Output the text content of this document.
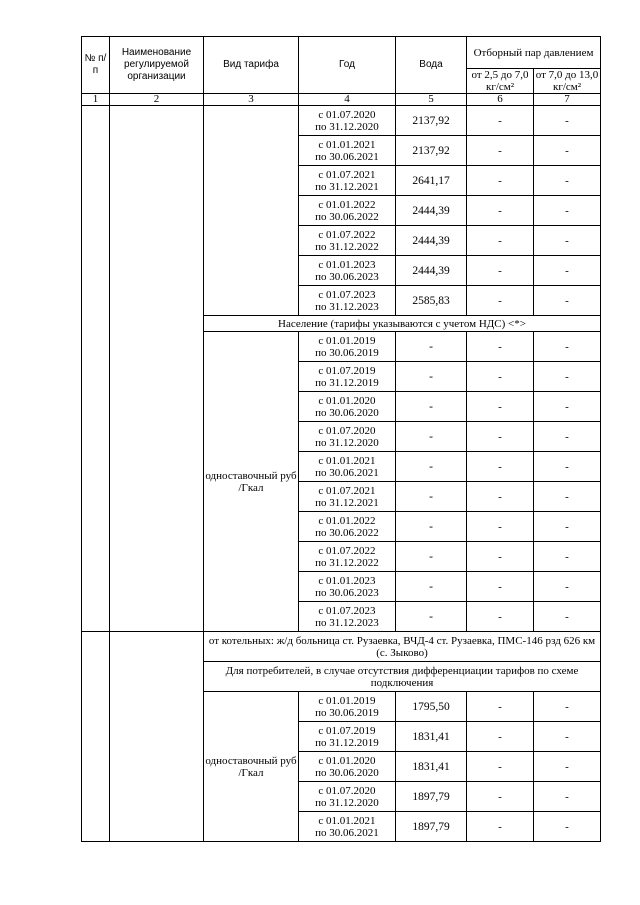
№ п/п	Наименование регулируемой организации	Вид тарифа	Год	Вода	Отборный пар давлением	
					от 2,5 до 7,0 кг/см²	от 7,0 до 13,0 кг/см²
1	2	3	4	5	6	7

			с 01.07.2020
по 31.12.2020	2137,92	-	-

			с 01.01.2021
по 30.06.2021	2137,92	-	-

			с 01.07.2021
по 31.12.2021	2641,17	-	-

			с 01.01.2022
по 30.06.2022	2444,39	-	-

			с 01.07.2022
по 31.12.2022	2444,39	-	-

			с 01.01.2023
по 30.06.2023	2444,39	-	-

			с 01.07.2023
по 31.12.2023	2585,83	-	-
		Население (тарифы указываются с учетом НДС) <*>				
		одноставочный руб /Гкал	с 01.01.2019
по 30.06.2019	-	-	-

			с 01.07.2019
по 31.12.2019	-	-	-

			с 01.01.2020
по 30.06.2020	-	-	-

			с 01.07.2020
по 31.12.2020	-	-	-

			с 01.01.2021
по 30.06.2021	-	-	-

			с 01.07.2021
по 31.12.2021	-	-	-

			с 01.01.2022
по 30.06.2022	-	-	-

			с 01.07.2022
по 31.12.2022	-	-	-

			с 01.01.2023
по 30.06.2023	-	-	-

			с 01.07.2023
по 31.12.2023	-	-	-
		от котельных: ж/д больница ст. Рузаевка, ВЧД-4 ст. Рузаевка, ПМС-146 рзд 626 км (с. Зыково)				
		Для потребителей, в случае отсутствия дифференциации тарифов по схеме подключения				
		одноставочный руб /Гкал	с 01.01.2019
по 30.06.2019	1795,50	-	-

			с 01.07.2019
по 31.12.2019	1831,41	-	-

			с 01.01.2020
по 30.06.2020	1831,41	-	-

			с 01.07.2020
по 31.12.2020	1897,79	-	-

			с 01.01.2021
по 30.06.2021	1897,79	-	-
